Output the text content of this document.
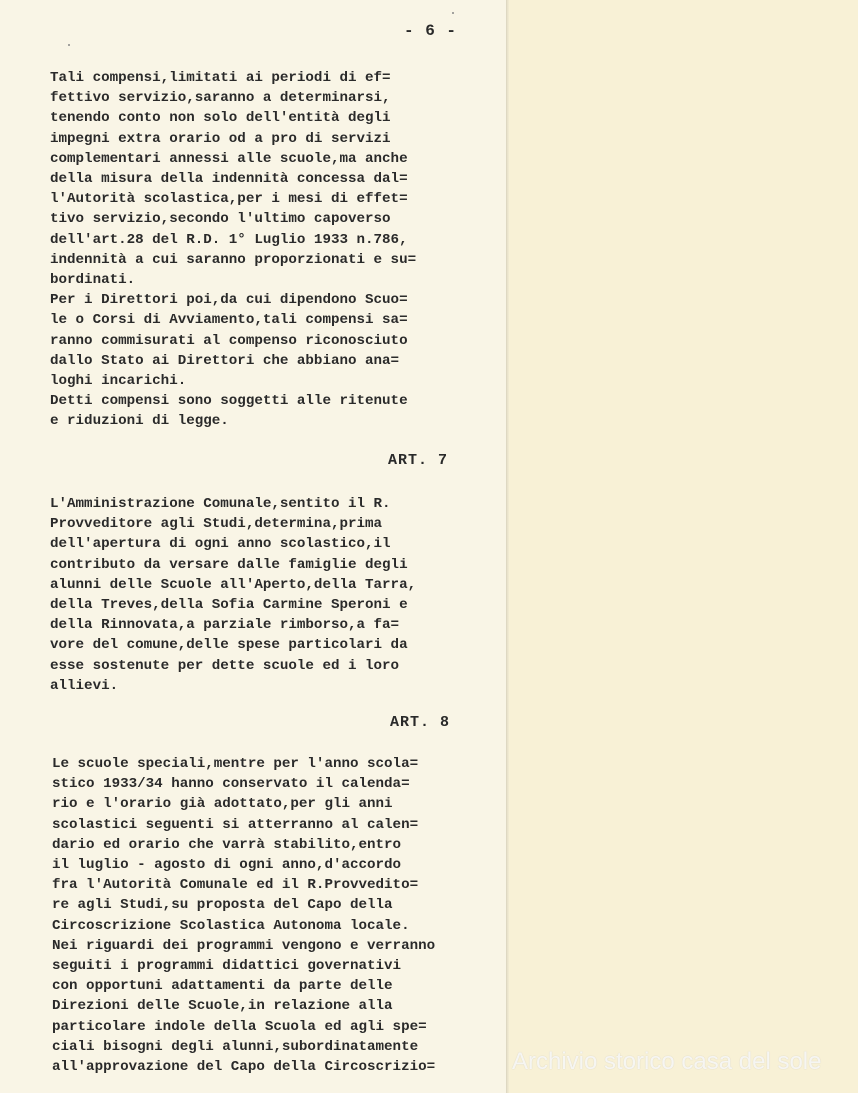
- 6 -
Tali compensi,limitati ai periodi di ef=
fettivo servizio,saranno a determinarsi,
tenendo conto non solo dell'entità degli
impegni extra orario od a pro di servizi
complementari annessi alle scuole,ma anche
della misura della indennità concessa dal=
l'Autorità scolastica,per i mesi di effet=
tivo servizio,secondo l'ultimo capoverso
dell'art.28 del R.D. 1° Luglio 1933 n.786,
indennità a cui saranno proporzionati e su=
bordinati.
Per i Direttori poi,da cui dipendono Scuo=
le o Corsi di Avviamento,tali compensi sa=
ranno commisurati al compenso riconosciuto
dallo Stato ai Direttori che abbiano ana=
loghi incarichi.
Detti compensi sono soggetti alle ritenute
e riduzioni di legge.
ART. 7
L'Amministrazione Comunale,sentito il R.
Provveditore agli Studi,determina,prima
dell'apertura di ogni anno scolastico,il
contributo da versare dalle famiglie degli
alunni delle Scuole all'Aperto,della Tarra,
della Treves,della Sofia Carmine Speroni e
della Rinnovata,a parziale rimborso,a fa=
vore del comune,delle spese particolari da
esse sostenute per dette scuole ed i loro
allievi.
ART. 8
Le scuole speciali,mentre per l'anno scola=
stico 1933/34 hanno conservato il calenda=
rio e l'orario già adottato,per gli anni
scolastici seguenti si atterranno al calen=
dario ed orario che varrà stabilito,entro
il luglio - agosto di ogni anno,d'accordo
fra l'Autorità Comunale ed il R.Provvedito=
re agli Studi,su proposta del Capo della
Circoscrizione Scolastica Autonoma locale.
Nei riguardi dei programmi vengono e verranno
seguiti i programmi didattici governativi
con opportuni adattamenti da parte delle
Direzioni delle Scuole,in relazione alla
particolare indole della Scuola ed agli spe=
ciali bisogni degli alunni,subordinatamente
all'approvazione del Capo della Circoscrizio=	Archivio storico casa del sole
